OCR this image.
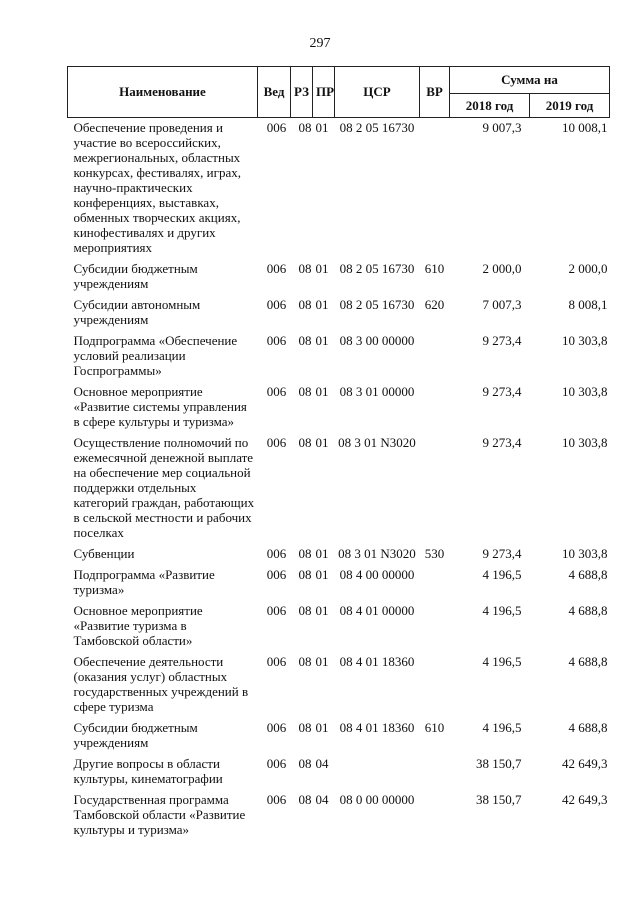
297
Наименование	Вед	РЗ	ПР	ЦСР	ВР	Сумма на	
						2018 год	2019 год
Обеспечение проведения и участие во всероссийских, межрегиональных, областных конкурсах, фестивалях, играх, научно-практических конференциях, выставках, обменных творческих акциях, кинофестивалях и других мероприятиях	006	08	01	08 2 05 16730		9 007,3	10 008,1
Субсидии бюджетным учреждениям	006	08	01	08 2 05 16730	610	2 000,0	2 000,0
Субсидии автономным учреждениям	006	08	01	08 2 05 16730	620	7 007,3	8 008,1
Подпрограмма «Обеспечение условий реализации Госпрограммы»	006	08	01	08 3 00 00000		9 273,4	10 303,8
Основное мероприятие «Развитие системы управления в сфере культуры и туризма»	006	08	01	08 3 01 00000		9 273,4	10 303,8
Осуществление полномочий по ежемесячной денежной выплате на обеспечение мер социальной поддержки отдельных категорий граждан, работающих в сельской местности и рабочих поселках	006	08	01	08 3 01 N3020		9 273,4	10 303,8
Субвенции	006	08	01	08 3 01 N3020	530	9 273,4	10 303,8
Подпрограмма «Развитие туризма»	006	08	01	08 4 00 00000		4 196,5	4 688,8
Основное мероприятие «Развитие туризма в Тамбовской области»	006	08	01	08 4 01 00000		4 196,5	4 688,8
Обеспечение деятельности (оказания услуг) областных государственных учреждений в сфере туризма	006	08	01	08 4 01 18360		4 196,5	4 688,8
Субсидии бюджетным учреждениям	006	08	01	08 4 01 18360	610	4 196,5	4 688,8
Другие вопросы в области культуры, кинематографии	006	08	04			38 150,7	42 649,3
Государственная программа Тамбовской области «Развитие культуры и туризма»	006	08	04	08 0 00 00000		38 150,7	42 649,3
